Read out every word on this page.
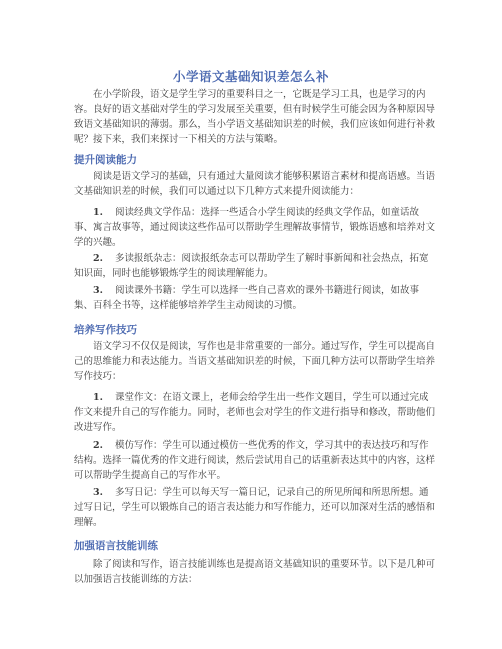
小学语文基础知识差怎么补

在小学阶段，语文是学生学习的重要科目之一，它既是学习工具，也是学习的内容。良好的语文基础对学生的学习发展至关重要，但有时候学生可能会因为各种原因导致语文基础知识的薄弱。那么，当小学语文基础知识差的时候，我们应该如何进行补救呢？接下来，我们来探讨一下相关的方法与策略。

提升阅读能力

阅读是语文学习的基础，只有通过大量阅读才能够积累语言素材和提高语感。当语文基础知识差的时候，我们可以通过以下几种方式来提升阅读能力：

1. 阅读经典文学作品：选择一些适合小学生阅读的经典文学作品，如童话故事、寓言故事等，通过阅读这些作品可以帮助学生理解故事情节，锻炼语感和培养对文学的兴趣。

2. 多读报纸杂志：阅读报纸杂志可以帮助学生了解时事新闻和社会热点，拓宽知识面，同时也能够锻炼学生的阅读理解能力。

3. 阅读课外书籍：学生可以选择一些自己喜欢的课外书籍进行阅读，如故事集、百科全书等，这样能够培养学生主动阅读的习惯。

培养写作技巧

语文学习不仅仅是阅读，写作也是非常重要的一部分。通过写作，学生可以提高自己的思维能力和表达能力。当语文基础知识差的时候，下面几种方法可以帮助学生培养写作技巧：

1. 课堂作文：在语文课上，老师会给学生出一些作文题目，学生可以通过完成作文来提升自己的写作能力。同时，老师也会对学生的作文进行指导和修改，帮助他们改进写作。

2. 模仿写作：学生可以通过模仿一些优秀的作文，学习其中的表达技巧和写作结构。选择一篇优秀的作文进行阅读，然后尝试用自己的话重新表达其中的内容，这样可以帮助学生提高自己的写作水平。

3. 多写日记：学生可以每天写一篇日记，记录自己的所见所闻和所思所想。通过写日记，学生可以锻炼自己的语言表达能力和写作能力，还可以加深对生活的感悟和理解。

加强语言技能训练

除了阅读和写作，语言技能训练也是提高语文基础知识的重要环节。以下是几种可以加强语言技能训练的方法：
